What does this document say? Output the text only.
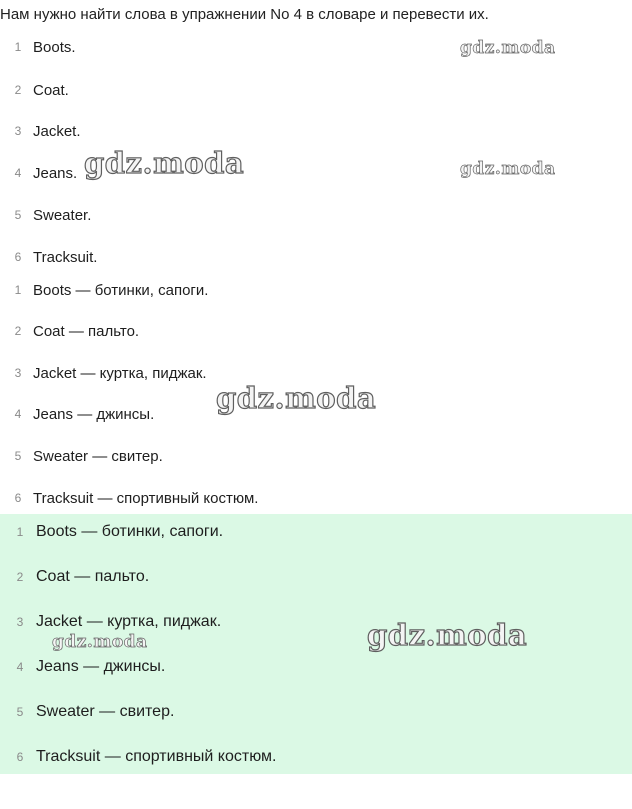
Нам нужно найти слова в упражнении No 4 в словаре и перевести их.
1 Boots.
2 Coat.
3 Jacket.
4 Jeans.
5 Sweater.
6 Tracksuit.
1 Boots — ботинки, сапоги.
2 Coat — пальто.
3 Jacket — куртка, пиджак.
4 Jeans — джинсы.
5 Sweater — свитер.
6 Tracksuit — спортивный костюм.
1 Boots — ботинки, сапоги.
2 Coat — пальто.
3 Jacket — куртка, пиджак.
4 Jeans — джинсы.
5 Sweater — свитер.
6 Tracksuit — спортивный костюм.
gdz.moda
gdz.moda	gdz.moda
gdz.moda
gdz.moda	gdz.moda
